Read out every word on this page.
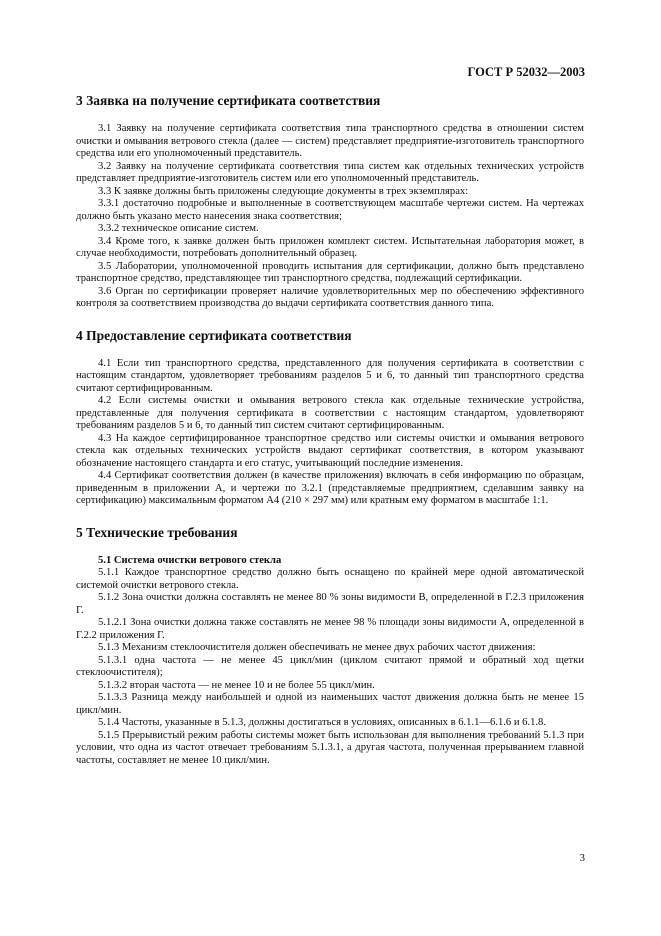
ГОСТ Р 52032—2003
3 Заявка на получение сертификата соответствия

3.1 Заявку на получение сертификата соответствия типа транспортного средства в отношении систем очистки и омывания ветрового стекла (далее — систем) представляет предприятие-изготовитель транспортного средства или его уполномоченный представитель.

3.2 Заявку на получение сертификата соответствия типа систем как отдельных технических устройств представляет предприятие-изготовитель систем или его уполномоченный представитель.

3.3 К заявке должны быть приложены следующие документы в трех экземплярах:

3.3.1 достаточно подробные и выполненные в соответствующем масштабе чертежи систем. На чертежах должно быть указано место нанесения знака соответствия;

3.3.2 техническое описание систем.

3.4 Кроме того, к заявке должен быть приложен комплект систем. Испытательная лаборатория может, в случае необходимости, потребовать дополнительный образец.

3.5 Лаборатории, уполномоченной проводить испытания для сертификации, должно быть представлено транспортное средство, представляющее тип транспортного средства, подлежащий сертификации.

3.6 Орган по сертификации проверяет наличие удовлетворительных мер по обеспечению эффективного контроля за соответствием производства до выдачи сертификата соответствия данного типа.

4 Предоставление сертификата соответствия

4.1 Если тип транспортного средства, представленного для получения сертификата в соответствии с настоящим стандартом, удовлетворяет требованиям разделов 5 и 6, то данный тип транспортного средства считают сертифицированным.

4.2 Если системы очистки и омывания ветрового стекла как отдельные технические устройства, представленные для получения сертификата в соответствии с настоящим стандартом, удовлетворяют требованиям разделов 5 и 6, то данный тип систем считают сертифицированным.

4.3 На каждое сертифицированное транспортное средство или системы очистки и омывания ветрового стекла как отдельных технических устройств выдают сертификат соответствия, в котором указывают обозначение настоящего стандарта и его статус, учитывающий последние изменения.

4.4 Сертификат соответствия должен (в качестве приложения) включать в себя информацию по образцам, приведенным в приложении А, и чертежи по 3.2.1 (представляемые предприятием, сделавшим заявку на сертификацию) максимальным форматом А4 (210 × 297 мм) или кратным ему форматом в масштабе 1:1.

5 Технические требования
5.1 Система очистки ветрового стекла

5.1.1 Каждое транспортное средство должно быть оснащено по крайней мере одной автоматической системой очистки ветрового стекла.

5.1.2 Зона очистки должна составлять не менее 80 % зоны видимости B, определенной в Г.2.3 приложения Г.

5.1.2.1 Зона очистки должна также составлять не менее 98 % площади зоны видимости A, определенной в Г.2.2 приложения Г.

5.1.3 Механизм стеклоочистителя должен обеспечивать не менее двух рабочих частот движения:

5.1.3.1 одна частота — не менее 45 цикл/мин (циклом считают прямой и обратный ход щетки стеклоочистителя);

5.1.3.2 вторая частота — не менее 10 и не более 55 цикл/мин.

5.1.3.3 Разница между наибольшей и одной из наименьших частот движения должна быть не менее 15 цикл/мин.

5.1.4 Частоты, указанные в 5.1.3, должны достигаться в условиях, описанных в 6.1.1—6.1.6 и 6.1.8.

5.1.5 Прерывистый режим работы системы может быть использован для выполнения требований 5.1.3 при условии, что одна из частот отвечает требованиям 5.1.3.1, а другая частота, полученная прерыванием главной частоты, составляет не менее 10 цикл/мин.

3
